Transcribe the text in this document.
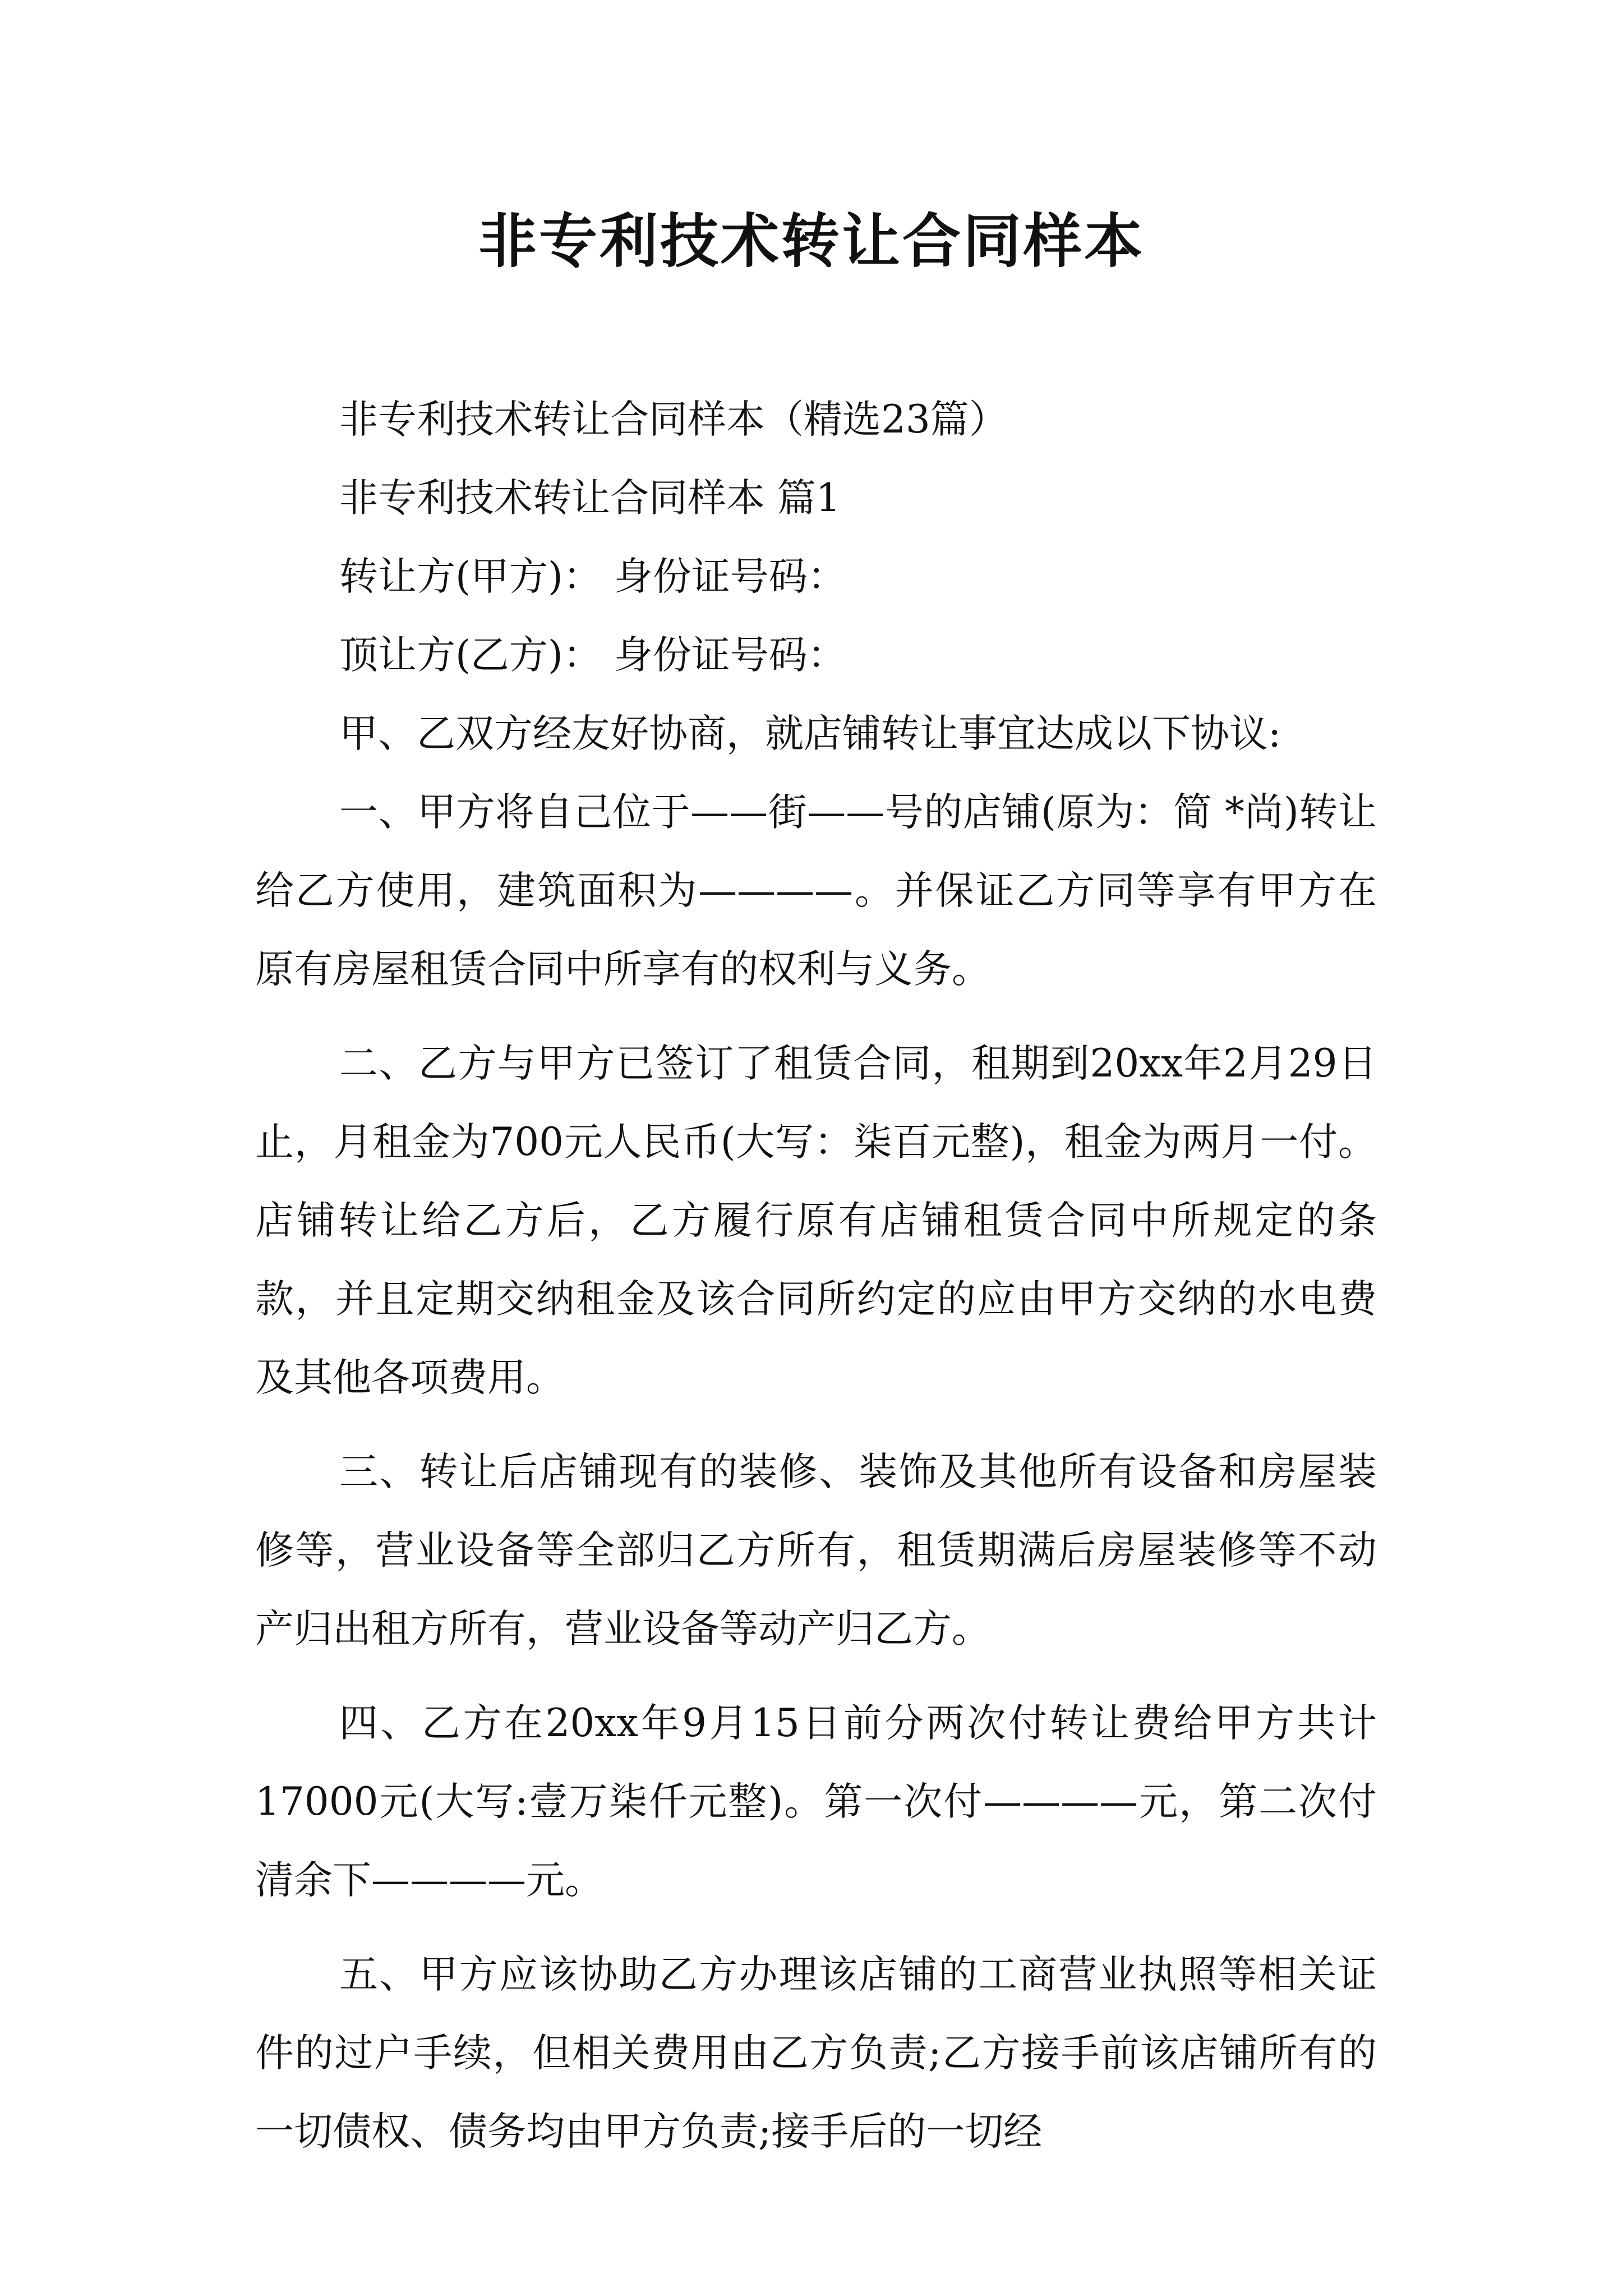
非专利技术转让合同样本

非专利技术转让合同样本（精选23篇）

非专利技术转让合同样本 篇1

转让方(甲方)： 身份证号码：

顶让方(乙方)： 身份证号码：

甲、乙双方经友好协商，就店铺转让事宜达成以下协议:

一、甲方将自己位于——街——号的店铺(原为：简 *尚)转让给乙方使用，建筑面积为————。并保证乙方同等享有甲方在原有房屋租赁合同中所享有的权利与义务。

二、乙方与甲方已签订了租赁合同，租期到20xx年2月29日止，月租金为700元人民币(大写：柒百元整)，租金为两月一付。店铺转让给乙方后，乙方履行原有店铺租赁合同中所规定的条款，并且定期交纳租金及该合同所约定的应由甲方交纳的水电费及其他各项费用。

三、转让后店铺现有的装修、装饰及其他所有设备和房屋装修等，营业设备等全部归乙方所有，租赁期满后房屋装修等不动产归出租方所有，营业设备等动产归乙方。

四、乙方在20xx年9月15日前分两次付转让费给甲方共计17000元(大写:壹万柒仟元整)。第一次付————元，第二次付清余下————元。

五、甲方应该协助乙方办理该店铺的工商营业执照等相关证件的过户手续，但相关费用由乙方负责;乙方接手前该店铺所有的一切债权、债务均由甲方负责;接手后的一切经
